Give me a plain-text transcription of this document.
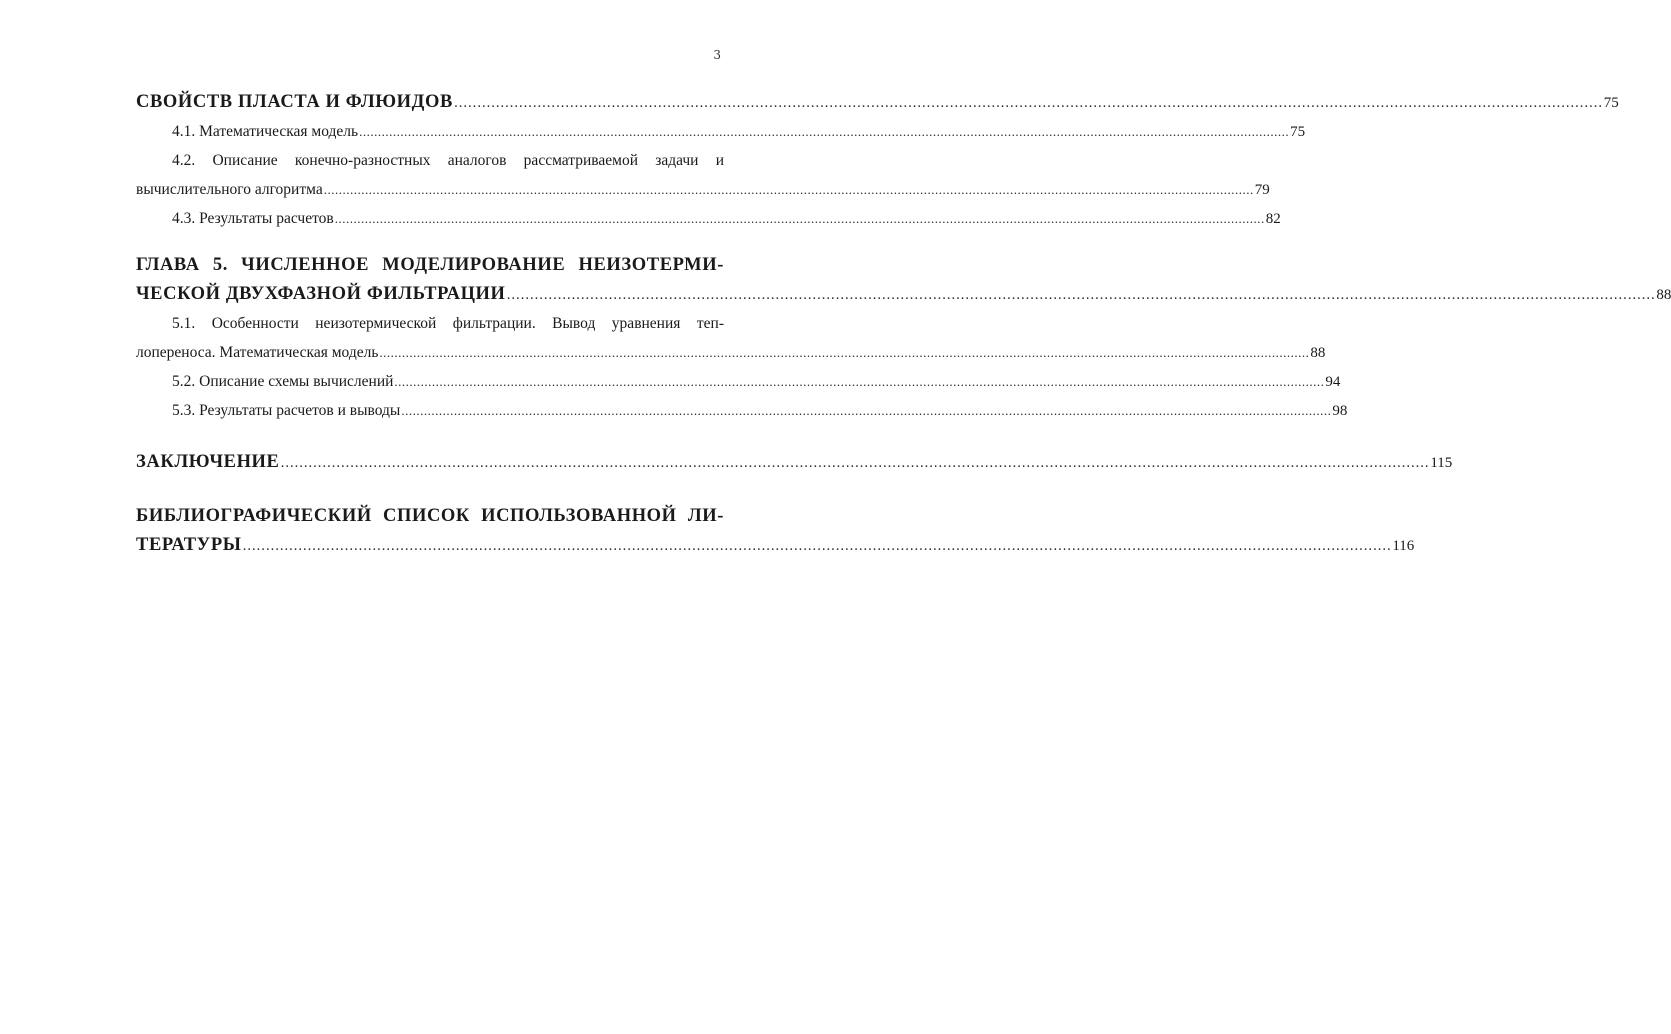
3
СВОЙСТВ ПЛАСТА И ФЛЮИДОВ .....	75
4.1. Математическая модель .....	75
4.2. Описание конечно-разностных аналогов рассматриваемой задачи и
вычислительного алгоритма .....	79
4.3. Результаты расчетов .....	82
ГЛАВА 5. ЧИСЛЕННОЕ МОДЕЛИРОВАНИЕ НЕИЗОТЕРМИ-
ЧЕСКОЙ ДВУХФАЗНОЙ ФИЛЬТРАЦИИ .....	88
5.1. Особенности неизотермической фильтрации. Вывод уравнения теп-
лопереноса. Математическая модель .....	88
5.2. Описание схемы вычислений .....	94
5.3. Результаты расчетов и выводы .....	98
ЗАКЛЮЧЕНИЕ .....	115
БИБЛИОГРАФИЧЕСКИЙ СПИСОК ИСПОЛЬЗОВАННОЙ ЛИ-
ТЕРАТУРЫ .....	116
